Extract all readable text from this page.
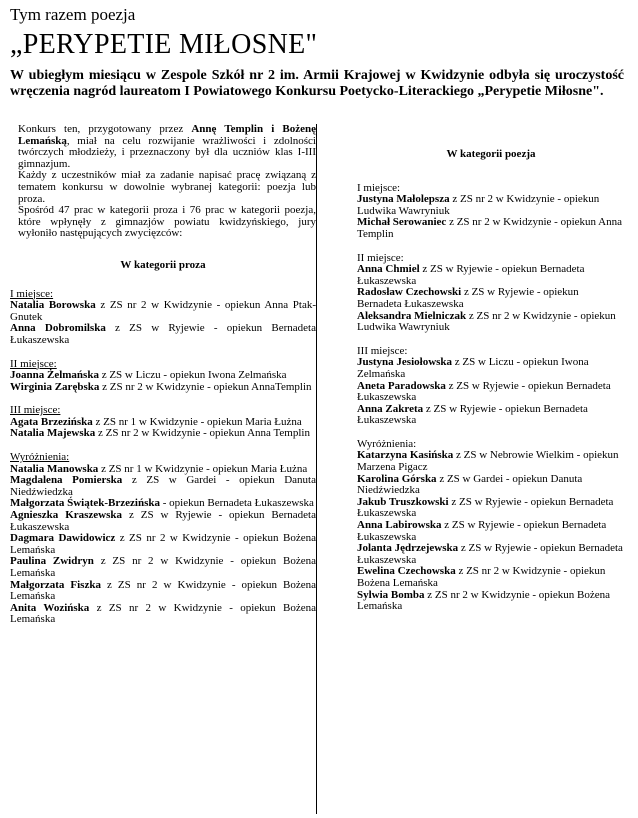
Tym razem poezja
„PERYPETIE MIŁOSNE"
W ubiegłym miesiącu w Zespole Szkół nr 2 im. Armii Krajowej w Kwidzynie odbyła się uroczystość wręczenia nagród laureatom I Powiatowego Konkursu Poetycko-Literackiego „Perypetie Miłosne".

Konkurs ten, przygotowany przez Annę Templin i Bożenę Lemańską, miał na celu rozwijanie wrażliwości i zdolności twórczych młodzieży, i przeznaczony był dla uczniów klas I-III gimnazjum.

Każdy z uczestników miał za zadanie napisać pracę związaną z tematem konkursu w dowolnie wybranej kategorii: poezja lub proza.

Spośród 47 prac w kategorii proza i 76 prac w kategorii poezja, które wpłynęły z gimnazjów powiatu kwidzyńskiego, jury wyłoniło następujących zwycięzców:

W kategorii proza
I miejsce:
Natalia Borowska z ZS nr 2 w Kwidzynie - opiekun Anna Ptak-Gnutek
Anna Dobromilska z ZS w Ryjewie - opiekun Bernadeta Łukaszewska
II miejsce:
Joanna Żelmańska z ZS w Liczu - opiekun Iwona Zelmańska
Wirginia Zarębska z ZS nr 2 w Kwidzynie - opiekun AnnaTemplin
III miejsce:
Agata Brzezińska z ZS nr 1 w Kwidzynie - opiekun Maria Łużna
Natalia Majewska z ZS nr 2 w Kwidzynie - opiekun Anna Templin
Wyróżnienia:
Natalia Manowska z ZS nr 1 w Kwidzynie - opiekun Maria Łużna
Magdalena Pomierska z ZS w Gardei - opiekun Danuta Niedźwiedzka
Małgorzata Świątek-Brzezińska - opiekun Bernadeta Łukaszewska
Agnieszka Kraszewska z ZS w Ryjewie - opiekun Bernadeta Łukaszewska
Dagmara Dawidowicz z ZS nr 2 w Kwidzynie - opiekun Bożena Lemańska
Paulina Zwidryn z ZS nr 2 w Kwidzynie - opiekun Bożena Lemańska
Małgorzata Fiszka z ZS nr 2 w Kwidzynie - opiekun Bożena Lemańska
Anita Wozińska z ZS nr 2 w Kwidzynie - opiekun Bożena Lemańska
W kategorii poezja
I miejsce:
Justyna Małolepsza z ZS nr 2 w Kwidzynie - opiekun Ludwika Wawryniuk
Michał Serowaniec z ZS nr 2 w Kwidzynie - opiekun Anna Templin
II miejsce:
Anna Chmiel z ZS w Ryjewie - opiekun Bernadeta Łukaszewska
Radosław Czechowski z ZS w Ryjewie - opiekun Bernadeta Łukaszewska
Aleksandra Mielniczak z ZS nr 2 w Kwidzynie - opiekun Ludwika Wawryniuk
III miejsce:
Justyna Jesiołowska z ZS w Liczu - opiekun Iwona Zelmańska
Aneta Paradowska z ZS w Ryjewie - opiekun Bernadeta Łukaszewska
Anna Zakreta z ZS w Ryjewie - opiekun Bernadeta Łukaszewska
Wyróżnienia:
Katarzyna Kasińska z ZS w Nebrowie Wielkim - opiekun Marzena Pigacz
Karolina Górska z ZS w Gardei - opiekun Danuta Niedźwiedzka
Jakub Truszkowski z ZS w Ryjewie - opiekun Bernadeta Łukaszewska
Anna Labirowska z ZS w Ryjewie - opiekun Bernadeta Łukaszewska
Jolanta Jędrzejewska z ZS w Ryjewie - opiekun Bernadeta Łukaszewska
Ewelina Czechowska z ZS nr 2 w Kwidzynie - opiekun Bożena Lemańska
Sylwia Bomba z ZS nr 2 w Kwidzynie - opiekun Bożena Lemańska
